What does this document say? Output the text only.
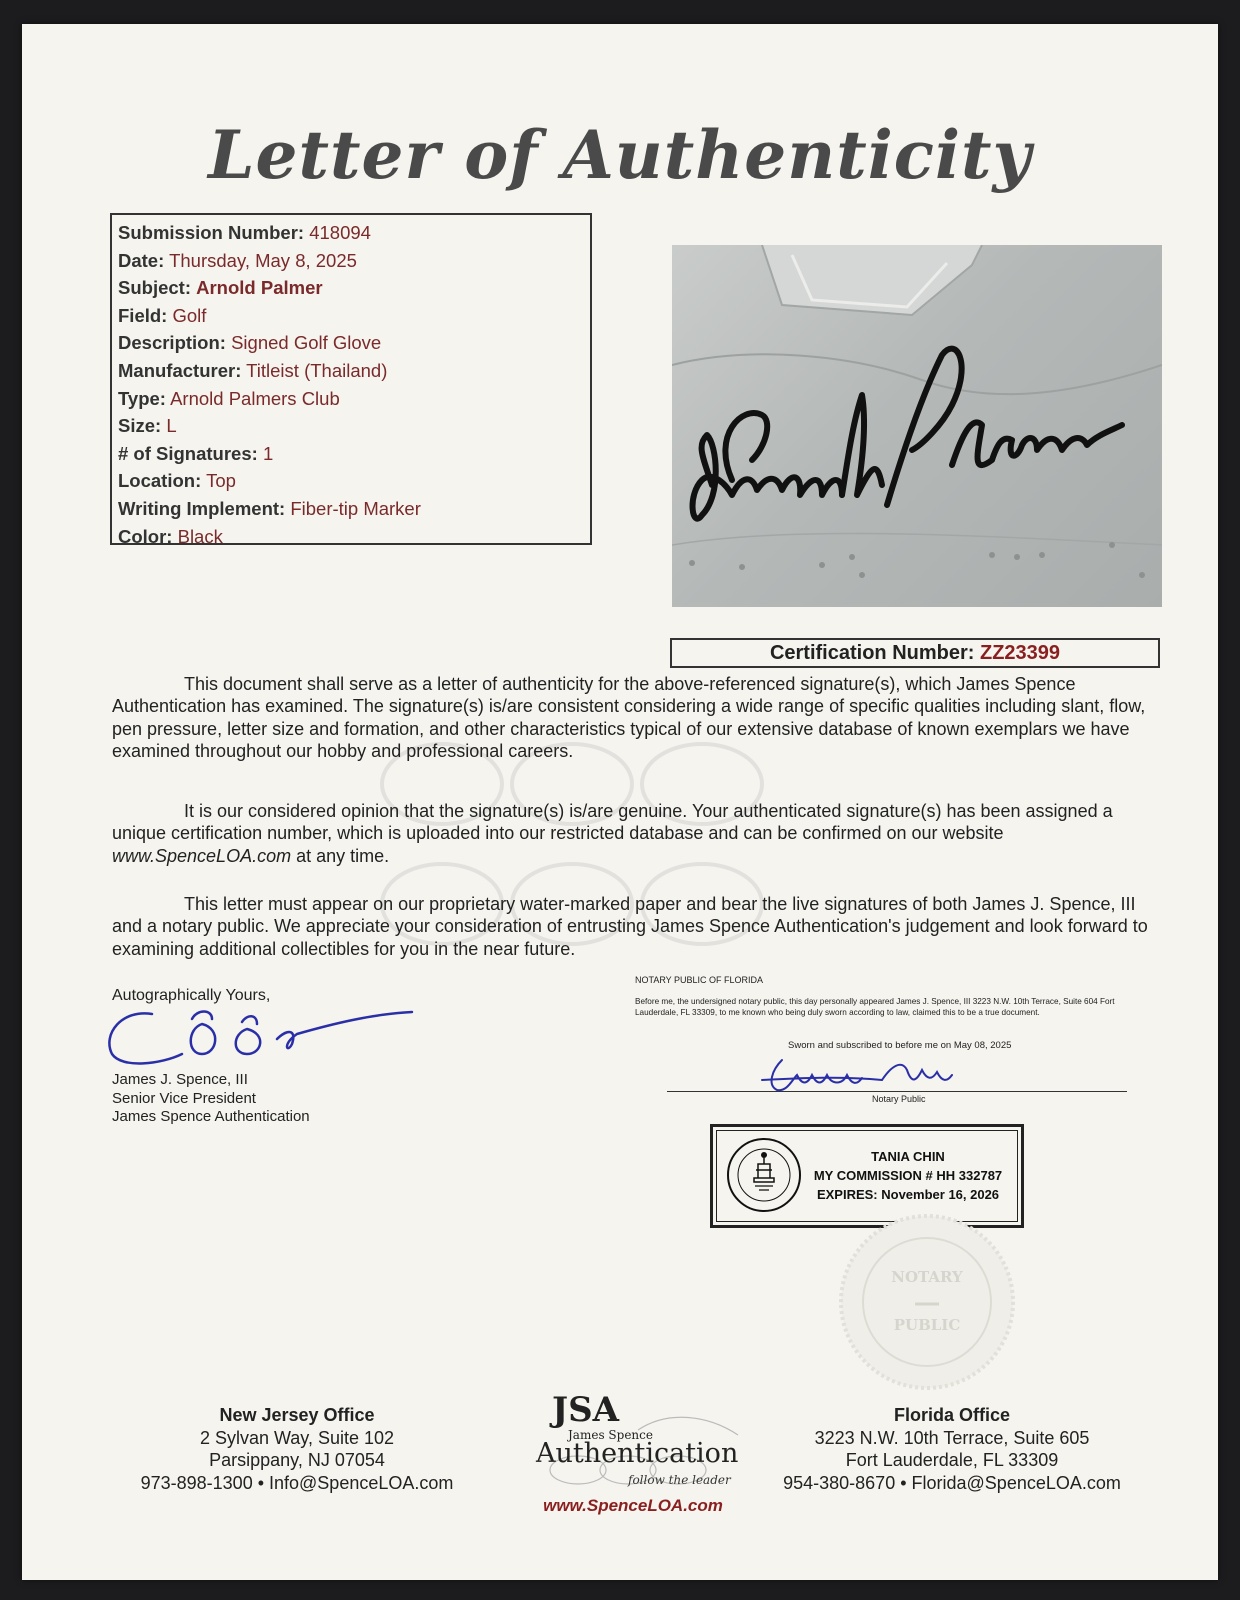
Letter of Authenticity
Submission Number: 418094
Date: Thursday, May 8, 2025
Subject: Arnold Palmer
Field: Golf
Description: Signed Golf Glove
Manufacturer: Titleist (Thailand)
Type: Arnold Palmers Club
Size: L
# of Signatures: 1
Location: Top
Writing Implement: Fiber-tip Marker
Color: Black
Certification Number: ZZ23399
This document shall serve as a letter of authenticity for the above-referenced signature(s), which James Spence Authentication has examined. The signature(s) is/are consistent considering a wide range of specific qualities including slant, flow, pen pressure, letter size and formation, and other characteristics typical of our extensive database of known exemplars we have examined throughout our hobby and professional careers.
It is our considered opinion that the signature(s) is/are genuine. Your authenticated signature(s) has been assigned a unique certification number, which is uploaded into our restricted database and can be confirmed on our website www.SpenceLOA.com at any time.
This letter must appear on our proprietary water-marked paper and bear the live signatures of both James J. Spence, III and a notary public. We appreciate your consideration of entrusting James Spence Authentication's judgement and look forward to examining additional collectibles for you in the near future.
Autographically Yours,
James J. Spence, III
Senior Vice President
James Spence Authentication
NOTARY PUBLIC OF FLORIDA
Before me, the undersigned notary public, this day personally appeared James J. Spence, III 3223 N.W. 10th Terrace, Suite 604 Fort Lauderdale, FL 33309, to me known who being duly sworn according to law, claimed this to be a true document.
Sworn and subscribed to before me on May 08, 2025
Notary Public
TANIA CHIN
MY COMMISSION # HH 332787
EXPIRES: November 16, 2026
NOTARY
PUBLIC
New Jersey Office
2 Sylvan Way, Suite 102
Parsippany, NJ 07054
973-898-1300 • Info@SpenceLOA.com
JSA
James Spence
Authentication
follow the leader
www.SpenceLOA.com
Florida Office
3223 N.W. 10th Terrace, Suite 605
Fort Lauderdale, FL 33309
954-380-8670 • Florida@SpenceLOA.com
